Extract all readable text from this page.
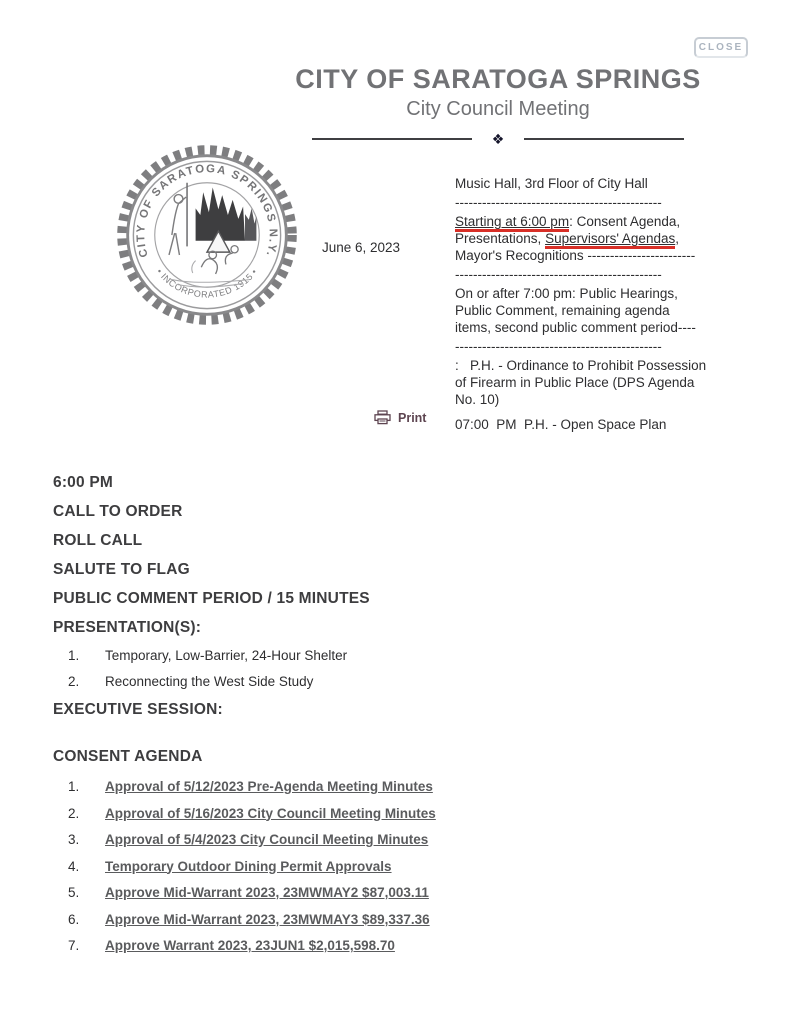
CLOSE
CITY OF SARATOGA SPRINGS
City Council Meeting
❖
CITY OF SARATOGA SPRINGS N.Y.
• INCORPORATED 1915 •
June 6, 2023
Music Hall, 3rd Floor of City Hall
----------------------------------------------
Starting at 6:00 pm: Consent Agenda, Presentations, Supervisors' Agendas, Mayor's Recognitions ------------------------
----------------------------------------------
On or after 7:00 pm: Public Hearings, Public Comment, remaining agenda items, second public comment period----
----------------------------------------------
:   P.H. - Ordinance to Prohibit Possession of Firearm in Public Place (DPS Agenda No. 10)
07:00  PM  P.H. - Open Space Plan
Print
6:00 PM
CALL TO ORDER
ROLL CALL
SALUTE TO FLAG
PUBLIC COMMENT PERIOD / 15 MINUTES
PRESENTATION(S):
1.	Temporary, Low-Barrier, 24-Hour Shelter
2.	Reconnecting the West Side Study
EXECUTIVE SESSION:
CONSENT AGENDA
1.	Approval of 5/12/2023 Pre-Agenda Meeting Minutes
2.	Approval of 5/16/2023 City Council Meeting Minutes
3.	Approval of 5/4/2023 City Council Meeting Minutes
4.	Temporary Outdoor Dining Permit Approvals
5.	Approve Mid-Warrant 2023, 23MWMAY2 $87,003.11
6.	Approve Mid-Warrant 2023, 23MWMAY3 $89,337.36
7.	Approve Warrant 2023, 23JUN1 $2,015,598.70
